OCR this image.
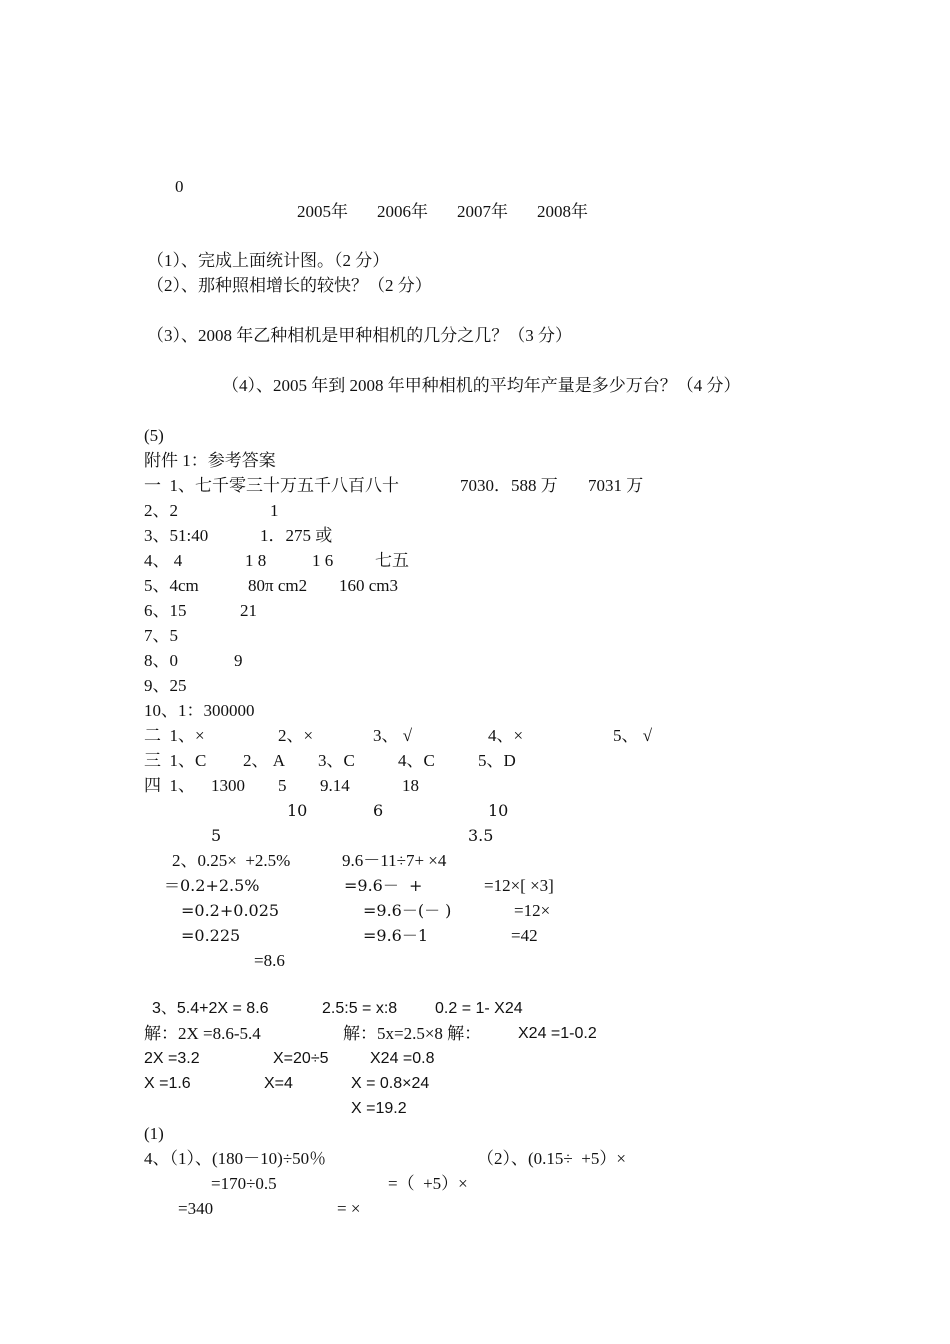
0
2005年 2006年 2007年 2008年
（1）、完成上面统计图。（2 分）
（2）、那种照相增长的较快？（2 分）
（3）、2008 年乙种相机是甲种相机的几分之几？（3 分）
（4）、2005 年到 2008 年甲种相机的平均年产量是多少万台？（4 分）
(5)
附件 1：参考答案
一  1、七千零三十万五千八百八十	7030．588 万 7031 万
2、2	1
3、51:40	1．275 或
4、 4	1 8	1 6 七五
5、4cm	80π cm2 160 cm3
6、15	21
7、5
8、0	9
9、25
10、1：300000
二  1、×	2、×	3、 √	4、×	5、 √
三  1、C 2、 A 3、C	4、C	5、D
四  1、 1300 5 9.14	18
10	6	10
5	3.5
2、0.25×  +2.5%	9.6－11÷7+ ×4
＝0.2+2.5%	=9.6－  +	=12×[ ×3]
=0.2+0.025	=9.6－(－ )	=12×
=0.225	=9.6－1	=42
=8.6
3、5.4+2X = 8.6	2.5:5 = x:8 0.2 = 1- X24
解：2X =8.6-5.4	解：5x=2.5×8 解： X24 =1-0.2
2X =3.2	X=20÷5	X24 =0.8
X =1.6	X=4	X = 0.8×24
X =19.2
(1)
4、（1）、(180－10)÷50％	（2）、(0.15÷  +5）×
=170÷0.5	=（  +5）×
=340	= ×
